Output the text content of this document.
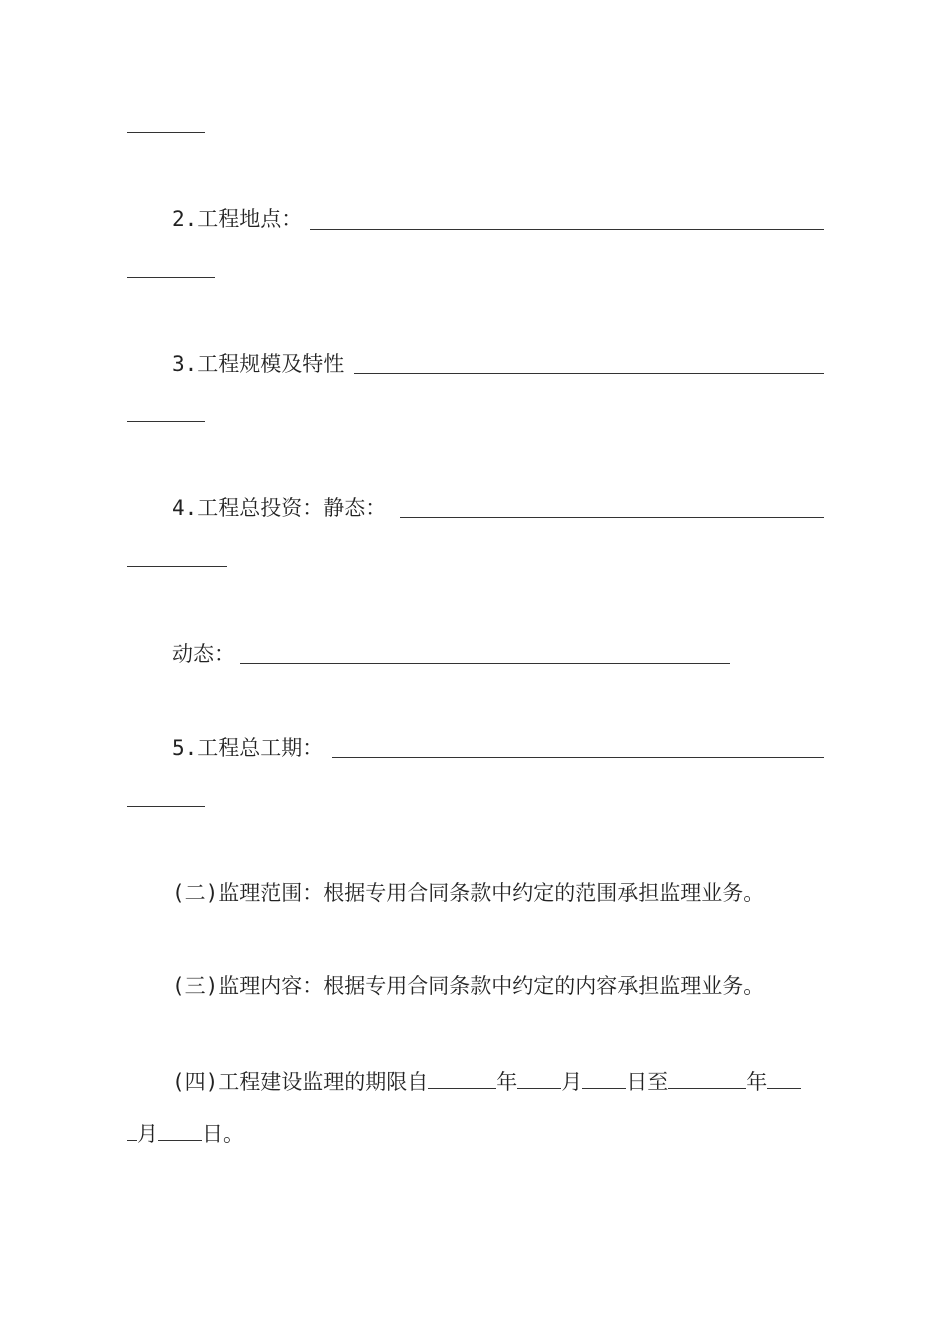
2.工程地点：
3.工程规模及特性
4.工程总投资：静态：
动态：
5.工程总工期：
(二)监理范围：根据专用合同条款中约定的范围承担监理业务。
(三)监理内容：根据专用合同条款中约定的内容承担监理业务。
(四)工程建设监理的期限自	年 月 日至	年
月 日。
